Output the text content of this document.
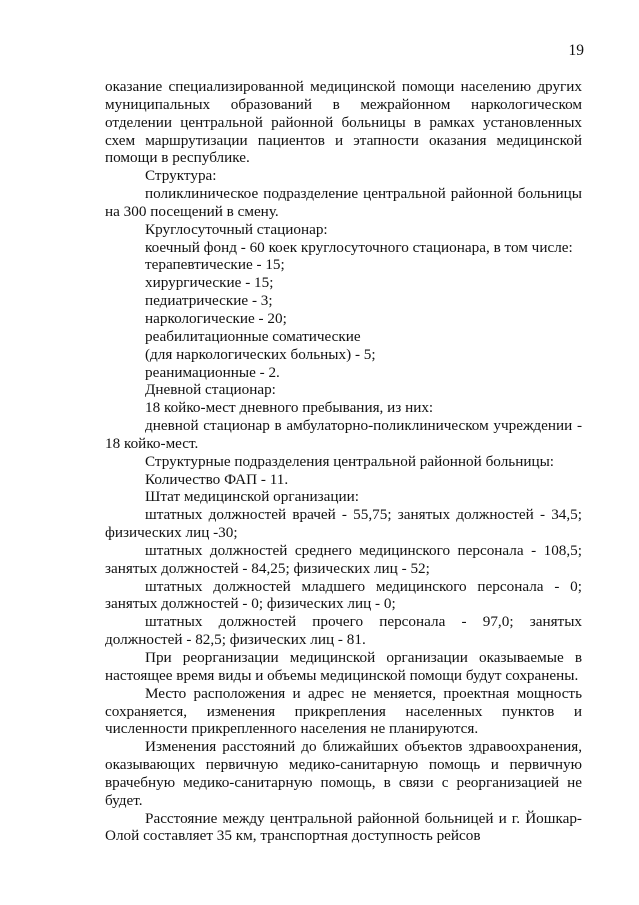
19

оказание специализированной медицинской помощи населению других муниципальных образований в межрайонном наркологическом отделении центральной районной больницы в рамках установленных схем маршрутизации пациентов и этапности оказания медицинской помощи в республике.

Структура:

поликлиническое подразделение центральной районной больницы на 300 посещений в смену.

Круглосуточный стационар:

коечный фонд - 60 коек круглосуточного стационара, в том числе:

терапевтические - 15;

хирургические - 15;

педиатрические - 3;

наркологические - 20;

реабилитационные соматические

(для наркологических больных) - 5;

реанимационные - 2.

Дневной стационар:

18 койко-мест дневного пребывания, из них:

дневной стационар в амбулаторно-поликлиническом учреждении - 18 койко-мест.

Структурные подразделения центральной районной больницы:

Количество ФАП - 11.

Штат медицинской организации:

штатных должностей врачей - 55,75; занятых должностей - 34,5; физических лиц -30;

штатных должностей среднего медицинского персонала - 108,5; занятых должностей - 84,25; физических лиц - 52;

штатных должностей младшего медицинского персонала - 0; занятых должностей - 0; физических лиц - 0;

штатных должностей прочего персонала - 97,0; занятых должностей - 82,5; физических лиц - 81.

При реорганизации медицинской организации оказываемые в настоящее время виды и объемы медицинской помощи будут сохранены.

Место расположения и адрес не меняется, проектная мощность сохраняется, изменения прикрепления населенных пунктов и численности прикрепленного населения не планируются.

Изменения расстояний до ближайших объектов здравоохранения, оказывающих первичную медико-санитарную помощь и первичную врачебную медико-санитарную помощь, в связи с реорганизацией не будет.

Расстояние между центральной районной больницей и г. Йошкар-Олой составляет 35 км, транспортная доступность рейсов
